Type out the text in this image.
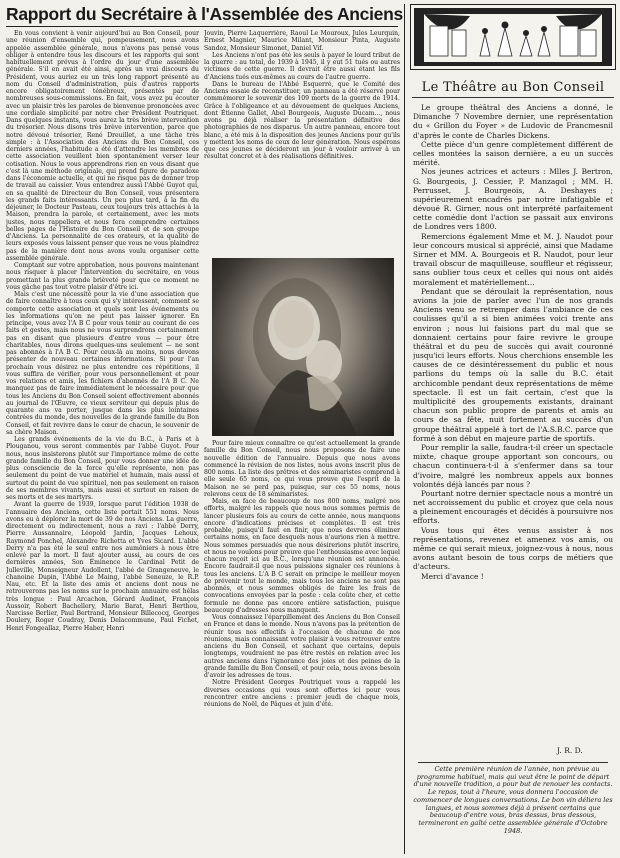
Rapport du Secrétaire à l'Assemblée des Anciens

En vous convient à venir aujourd'hui au Bon Conseil, pour une réunion d'ensemble qui, pompeusement, nous avons appelée assemblée générale, nous n'avons pas pensé vous obliger à entendre tous les discours et les rapports qui sont habituellement prévus à l'ordre du jour d'une assemblée générale. S'il en avait été ainsi, après un vrai discours du Président, vous auriez eu un très long rapport présenté au nom du Conseil d'administration, puis d'autres rapports encore obligatoirement ténébreux, présentés par de nombreuses sous-commissions. En fait, vous avez pu écouter avec un plaisir très les paroles de bienvenue prononcées avec une cordiale simplicité par notre cher Président Poutriquet. Dans quelques instants, vous aurez la très brève intervention du trésorier. Nous disons très brève intervention, parce que notre dévoué trésorier, René Dreuillet, a une tâche très simple : à l'Association des Anciens du Bon Conseil, ces derniers années, l'habitude a été d'attendre les membres de cette association veuillent bien spontanément verser leur cotisation. Nous le vous apprendrons rien en vous disant que c'est là une méthode originale, qui prend figure de paradoxe dans l'économie actuelle, et qui ne risque pas de donner trop de travail au caissier. Vous entendrez aussi l'Abbé Guyot qui, en sa qualité de Directeur du Bon Conseil, vous présentera les grands faits intéressants. Un peu plus tard, à la fin du déjeuner, le Docteur Pasteau, ceux toujours très attachés à la Maison, prendra la parole, et certainement, avec les mots justes, nous rappellera et nous fera comprendre certaines belles pages de l'Histoire du Bon Conseil et de son groupe d'Anciens. La personnalité de ces orateurs, et la qualité de leurs exposés vous laissent penser que vous ne vous plaindrez pas de la manière dont nous avons voulu organiser cette assemblée générale.

Comptant sur votre approbation, nous pouvons maintenant nous risquer à placer l'intervention du secrétaire, en vous promettant la plus grande brièveté pour que ce moment ne vous gâche pas tout votre plaisir d'être ici.

Mais c'est une nécessité pour la vie d'une association que de faire connaître à tous ceux qui s'y intéressent, comment se comporte cette association et quels sont les événements ou les informations qu'on ne peut pas laisser ignorer. En principe, vous avez l'A B C pour vous tenir au courant de ces faits et gestes, mais nous ne vous surprendrons certainement pas en disant que plusieurs d'entre vous — pour être charitables, nous dirons quelques-uns seulement — ne sont pas abonnés à l'A B C. Pour ceux-là au moins, nous devons présenter de nouveau certaines informations. Si pour l'an prochain vous désirez ne plus entendre ces répétitions, il vous suffira de vérifier, pour vous personnellement et pour vos relations et amis, les fichiers d'abonnés de l'A B C. Ne manquez pas de faire immédiatement le nécessaire pour que tous les Anciens du Bon Conseil soient effectivement abonnés au journal de l'Œuvre, ce vieux serviteur qui depuis plus de quarante ans va porter, jusque dans les plus lointaines contrées du monde, des nouvelles de la grande famille du Bon Conseil, et fait revivre dans le cœur de chacun, le souvenir de sa chère Maison.

Les grands événements de la vie du B.C., à Paris et à Plouganou, vous seront commentés par l'abbé Guyot. Pour nous, nous insisterons plutôt sur l'importance même de cette grande famille du Bon Conseil, pour vous donner une idée de plus consciencie de la force qu'elle représente, non pas seulement du point de vue matériel et humain, mais aussi et surtout du point de vue spirituel, non pas seulement en raison de ses membres vivants, mais aussi et surtout en raison de ses morts et de ses martyrs.

Avant la guerre de 1939, lorsque parut l'édition 1938 de l'annuaire des Anciens, cette liste portait 551 noms. Nous avons eu à déplorer la mort de 39 de nos Anciens. La guerre, directement ou indirectement, nous a ravi : l'abbé Derry, Pierre Aussannaire, Léopold Jardin, Jacques Lehoux, Raymond Ponchel, Alexandre Richetta et Yves Sicard. L'abbé Derry n'a pas été le seul entre nos aumôniers à nous être enlevé par la mort. Il faut ajouter aussi, au cours de ces dernières années, Son Éminence le Cardinal Petit de Julleville, Monseigneur Audollent, l'abbé de Grangeneuve, le chanoine Dupin, l'Abbé Le Maing, l'abbé Seneuze, le R.P. Nau, etc. Et la liste des amis et anciens dont nous ne retrouverons pas les noms sur le prochain annuaire est hélas très longue : Paul Arcachon, Gérard Audinet, François Aussoir, Robert Bachellery, Marie Barat, Henri Berthou, Narcisse Berlier, Paul Bertrand, Monsieur Billecocq, Georges Doulery, Roger Coudray, Denis Delacommune, Paul Fichet, Henri Fongeallaz, Pierre Haber, Henri

Jouvin, Pierre Laquerrière, Raoul Le Mouroux, Jules Leurquin, Ernest Magnier, Maurice Milant, Monsieur Pinta, Auguste Sandoz, Monsieur Simonet, Daniel Vif.

Les Anciens n'ont pas été les seuls à payer le lourd tribut de la guerre : au total, de 1939 à 1945, il y eut 51 tués ou autres victimes de cette guerre. Il devrait être aussi étant les fils d'Anciens tués eux-mêmes au cours de l'autre guerre.

Dans le bureau de l'Abbé Esquerré, que le Comité des Anciens essaie de reconstituer, un panneau a été réservé pour commémorer le souvenir des 109 morts de la guerre de 1914. Grâce à l'obligeance et au dévouement de quelques Anciens, dont Étienne Gallet, Abel Bourgeois, Auguste Ducam..., nous avons pu déjà réaliser la présentation définitive des photographies de nos disparus. Un autre panneau, encore tout blanc, a été mis à la disposition des jeunes Anciens pour qu'ils y mettent les noms de ceux de leur génération. Nous espérons que ces jeunes se décideront un jour à vouloir arriver à un résultat concret et à des réalisations définitives.

Pour faire mieux connaître ce qu'est actuellement la grande famille du Bon Conseil, nous nous proposons de faire une nouvelle édition de l'annuaire. Depuis que nous avons commencé la révision de nos listes, nous avons inscrit plus de 800 noms. La liste des prêtres et des séminaristes comprend à elle seule 65 noms, ce qui vous prouve que l'esprit de la Maison ne se perd pas, puisque, sur ces 55 noms, nous relevons ceux de 18 séminaristes.

Mais, en face de beaucoup de nos 800 noms, malgré nos efforts, malgré les rappels que nous nous sommes permis de lancer plusieurs fois au cours de cette année, nous manquons encore d'indications précises et complètes. Il est très probable, puisqu'il faut en finir, que nous devrons éliminer certains noms, en face desquels nous n'aurions rien à mettre. Nous sommes persuadés que nous désirerions plutôt inscrire, et nous ne voulons pour preuve que l'enthousiasme avec lequel chacun reçoit ici au B.C., lorsqu'une réunion est annoncée. Encore faudrait-il que nous puissions signaler ces réunions à tous les anciens. L'A B C serait en principe le meilleur moyen de prévenir tout le monde, mais tous les anciens ne sont pas abonnés, et nous sommes obligés de faire les frais de convocations envoyées par la poste : cela coûte cher, et cette formule ne donne pas encore entière satisfaction, puisque beaucoup d'adresses nous manquent.

Vous connaissez l'éparpillement des Anciens du Bon Conseil en France et dans le monde. Nous n'avons pas la prétention de réunir tous nos effectifs à l'occasion de chacune de nos réunions, mais connaissant votre plaisir à vous retrouver entre anciens du Bon Conseil, et sachant que certains, depuis longtemps, voudraient ne pas être restés en relation avec les autres anciens dans l'ignorance des joies et des peines de la grande famille du Bon Conseil, et pour cela, nous avons besoin d'avoir les adresses de tous.

Notre Président Georges Poutriquet vous a rappelé les diverses occasions qui vous sont offertes ici pour vous rencontrer entre anciens : premier jeudi de chaque mois, réunions de Noël, de Pâques et juin d'été.

Le Théâtre au Bon Conseil

Le groupe théâtral des Anciens a donné, le Dimanche 7 Novembre dernier, une représentation du « Grillon du Foyer » de Ludovic de Francmesnil d'après le conte de Charles Dickens.

Cette pièce d'un genre complètement différent de celles montées la saison dernière, a eu un succès mérité.

Nos jeunes actrices et acteurs : Mlles J. Bertron, G. Bourgeois, J. Cessier, P. Manzagol ; MM. H. Perrusset, J. Bourgeois, A. Deshayes ; supérieurement encadrés par notre infatigable et dévoué R. Girner, nous ont interprété parfaitement cette comédie dont l'action se passait aux environs de Londres vers 1800.

Remercions également Mme et M. J. Naudot pour leur concours musical si apprécié, ainsi que Madame Sirner et MM. A. Bourgeois et R. Naudot, pour leur travail obscur de maquilleuse, souffleur et régisseur, sans oublier tous ceux et celles qui nous ont aidés moralement et matériellement...

Pendant que se déroulait la représentation, nous avions la joie de parler avec l'un de nos grands Anciens venu se retremper dans l'ambiance de ces coulisses qu'il a si bien animées voici trente ans environ ; nous lui faisions part du mal que se donnaient certains pour faire revivre le groupe théâtral et du peu de succès qui avait couronné jusqu'ici leurs efforts. Nous cherchions ensemble les causes de ce désintéressement du public et nous parlions du temps où la salle du B.C. était archicomble pendant deux représentations de même spectacle. Il est un fait certain, c'est que la multiplicité des groupements existants, drainant chacun son public propre de parents et amis au cours de sa fête, nuit fortement au succès d'un groupe théâtral appelé à tort de l'A.S.B.C. parce que formé à son début en majeure partie de sportifs.

Pour remplir la salle, faudra-t-il créer un spectacle mixte, chaque groupe apportant son concours, ou chacun continuera-t-il à s'enfermer dans sa tour d'ivoire, malgré les nombreux appels aux bonnes volontés déjà lancés par nous ?

Pourtant notre dernier spectacle nous a montré un net accroissement du public et croyez que cela nous a pleinement encouragés et décidés à poursuivre nos efforts.

Vous tous qui êtes venus assister à nos représentations, revenez et amenez vos amis, ou même ce qui serait mieux, joignez-vous à nous, nous avons autant besoin de tous corps de métiers que d'acteurs.

Merci d'avance !

J. R. D.

Cette première réunion de l'année, non prévue au programme habituel, mais qui veut être le point de départ d'une nouvelle tradition, a pour but de renouer les contacts. Le repas, tout à l'heure, vous donnera l'occasion de commencer de longues conversations. Le bon vin déliera les langues, et nous sommes déjà à présent certains que beaucoup d'entre vous, bras dessus, bras dessous, termineront en gaîté cette assemblée générale d'Octobre 1948.
